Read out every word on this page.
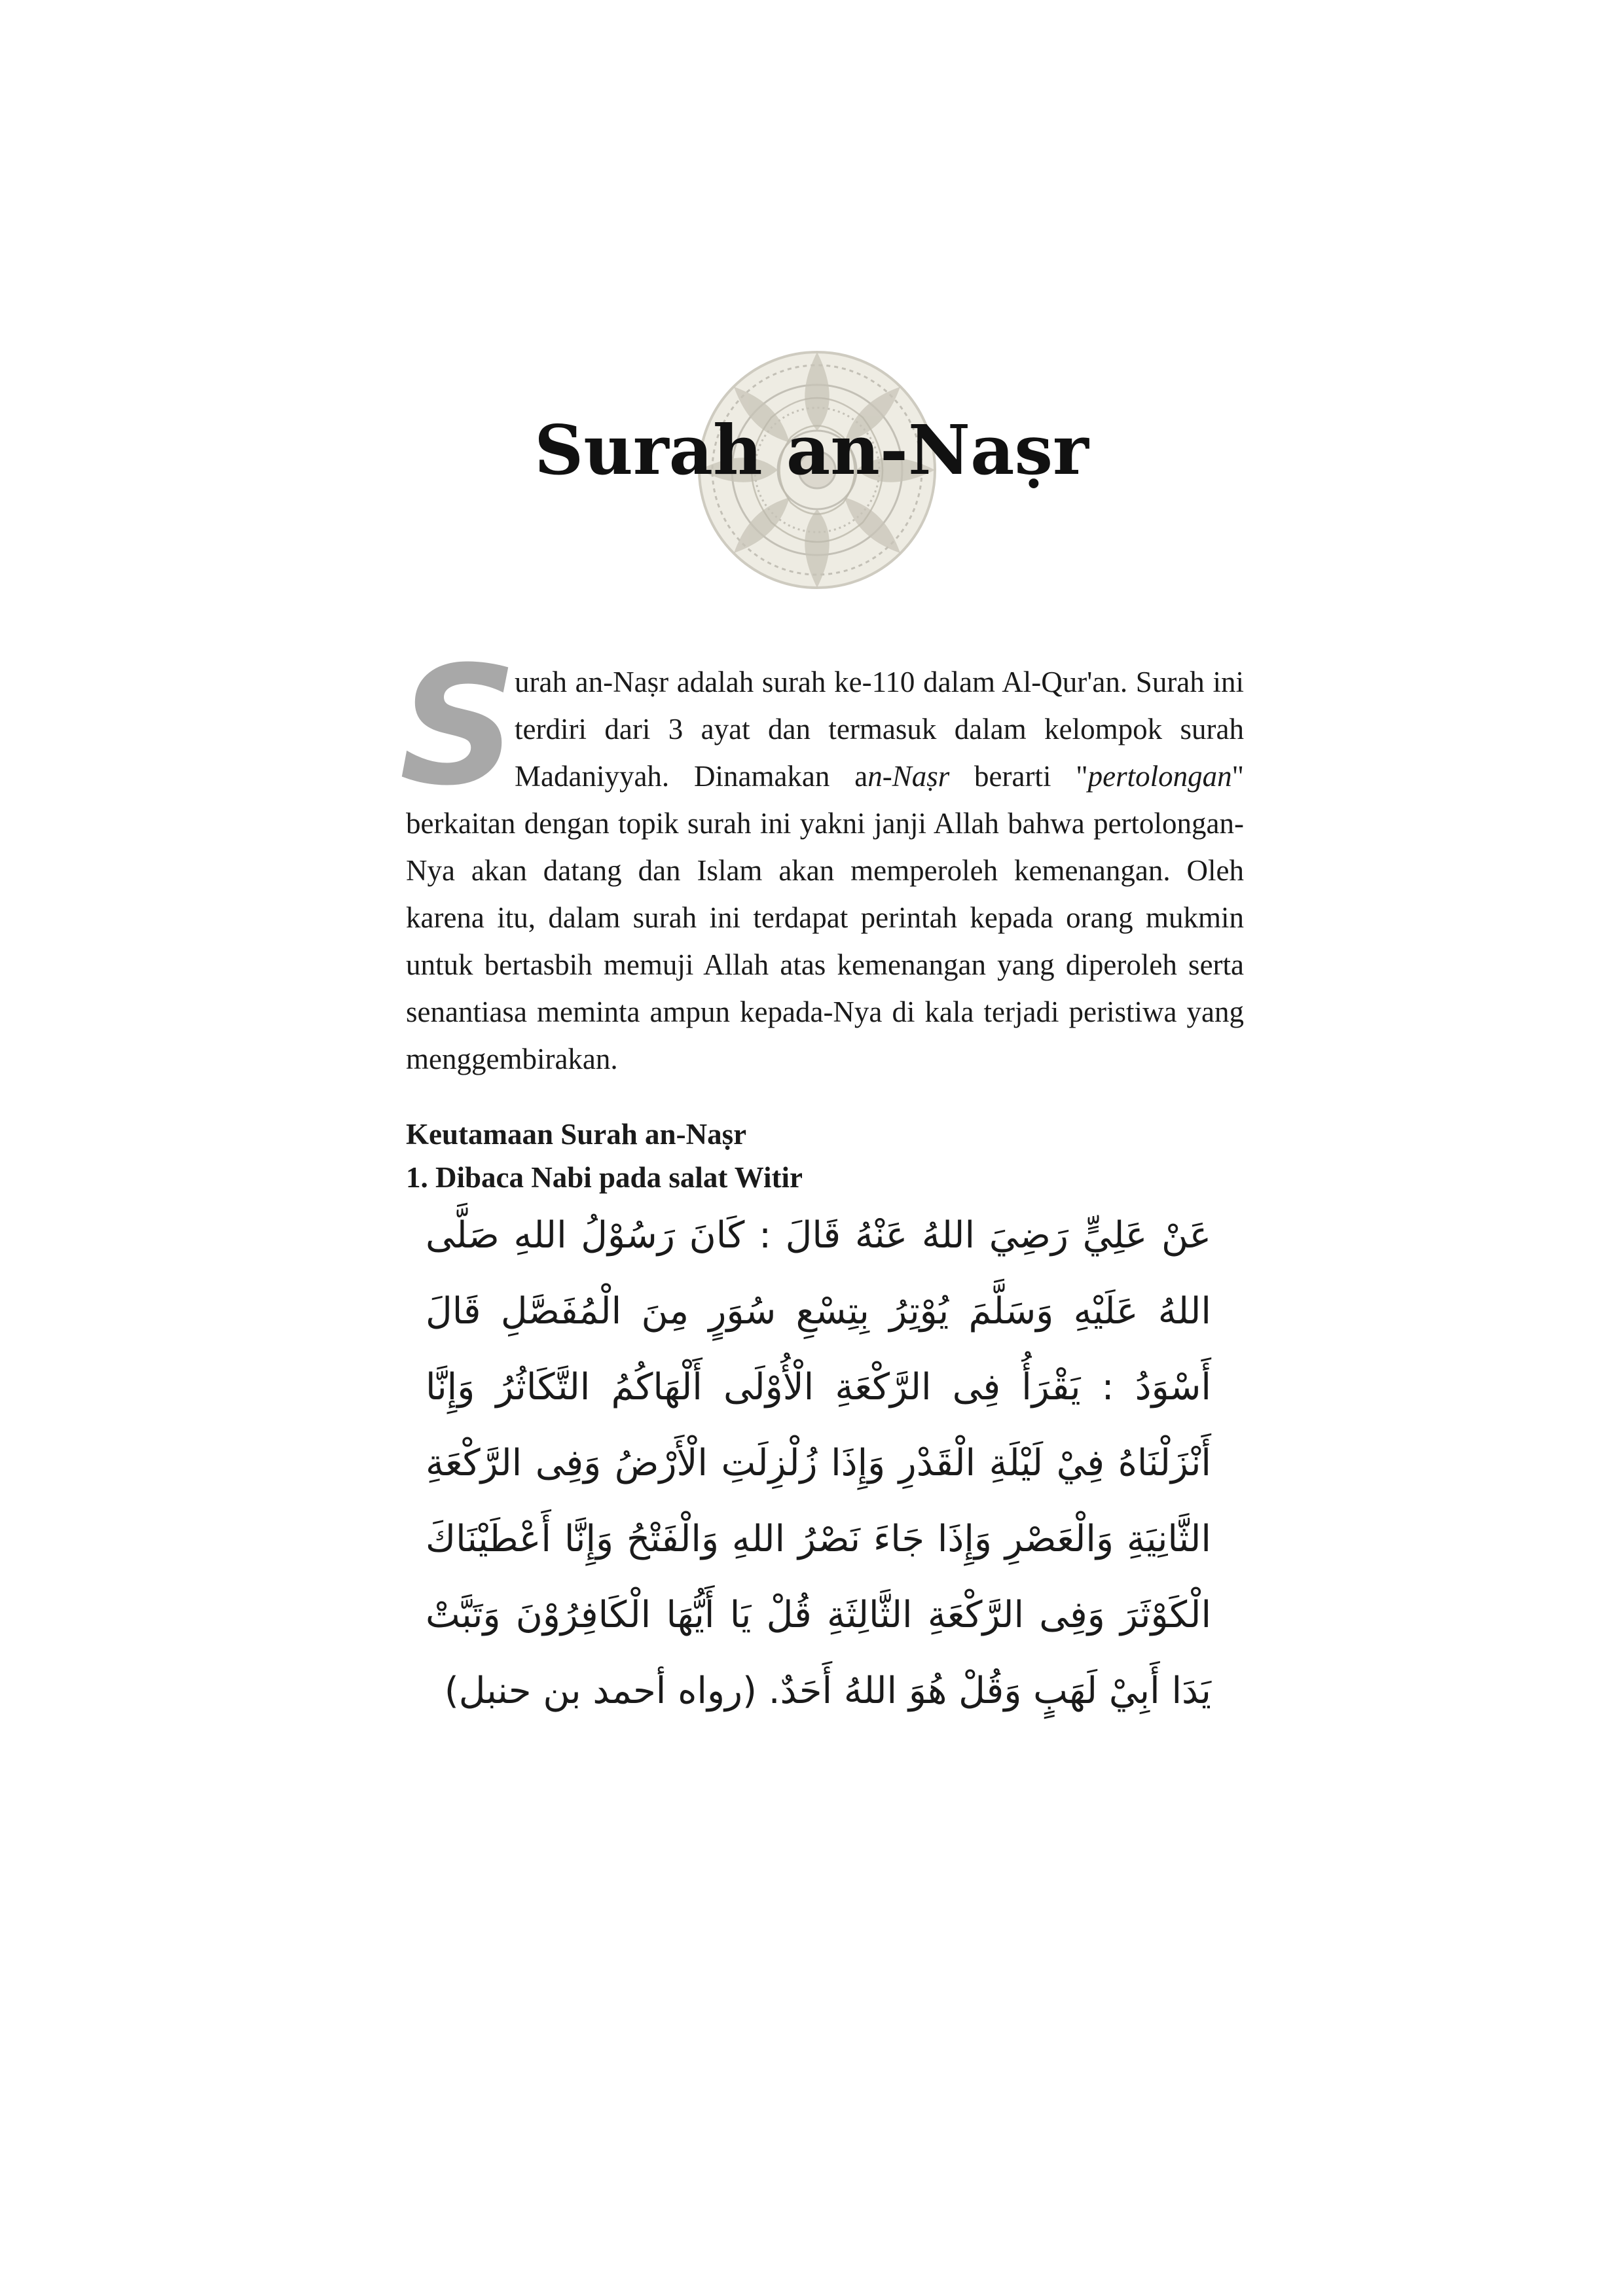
Surah an-Naṣr

S
urah an-Naṣr adalah surah ke-110 dalam Al-Qur'an. Surah ini terdiri dari 3 ayat dan termasuk dalam kelompok surah Madaniyyah. Dinamakan an-Naṣr berarti "pertolongan" berkaitan dengan topik surah ini yakni janji Allah bahwa pertolongan-Nya akan datang dan Islam akan memperoleh kemenangan. Oleh karena itu, dalam surah ini terdapat perintah kepada orang mukmin untuk bertasbih memuji Allah atas kemenangan yang diperoleh serta senantiasa meminta ampun kepada-Nya di kala terjadi peristiwa yang menggembirakan.

Keutamaan Surah an-Naṣr
1. Dibaca Nabi pada salat Witir

عَنْ عَلِيٍّ رَضِيَ اللهُ عَنْهُ قَالَ : كَانَ رَسُوْلُ اللهِ صَلَّى اللهُ عَلَيْهِ وَسَلَّمَ يُوْتِرُ بِتِسْعِ سُوَرٍ مِنَ الْمُفَصَّلِ قَالَ أَسْوَدُ : يَقْرَأُ فِى الرَّكْعَةِ الْأُوْلَى أَلْهَاكُمُ التَّكَاثُرُ وَإِنَّا أَنْزَلْنَاهُ فِيْ لَيْلَةِ الْقَدْرِ وَإِذَا زُلْزِلَتِ الْأَرْضُ وَفِى الرَّكْعَةِ الثَّانِيَةِ وَالْعَصْرِ وَإِذَا جَاءَ نَصْرُ اللهِ وَالْفَتْحُ وَإِنَّا أَعْطَيْنَاكَ الْكَوْثَرَ وَفِى الرَّكْعَةِ الثَّالِثَةِ قُلْ يَا أَيُّهَا الْكَافِرُوْنَ وَتَبَّتْ يَدَا أَبِيْ لَهَبٍ وَقُلْ هُوَ اللهُ أَحَدٌ. (رواه أحمد بن حنبل)
